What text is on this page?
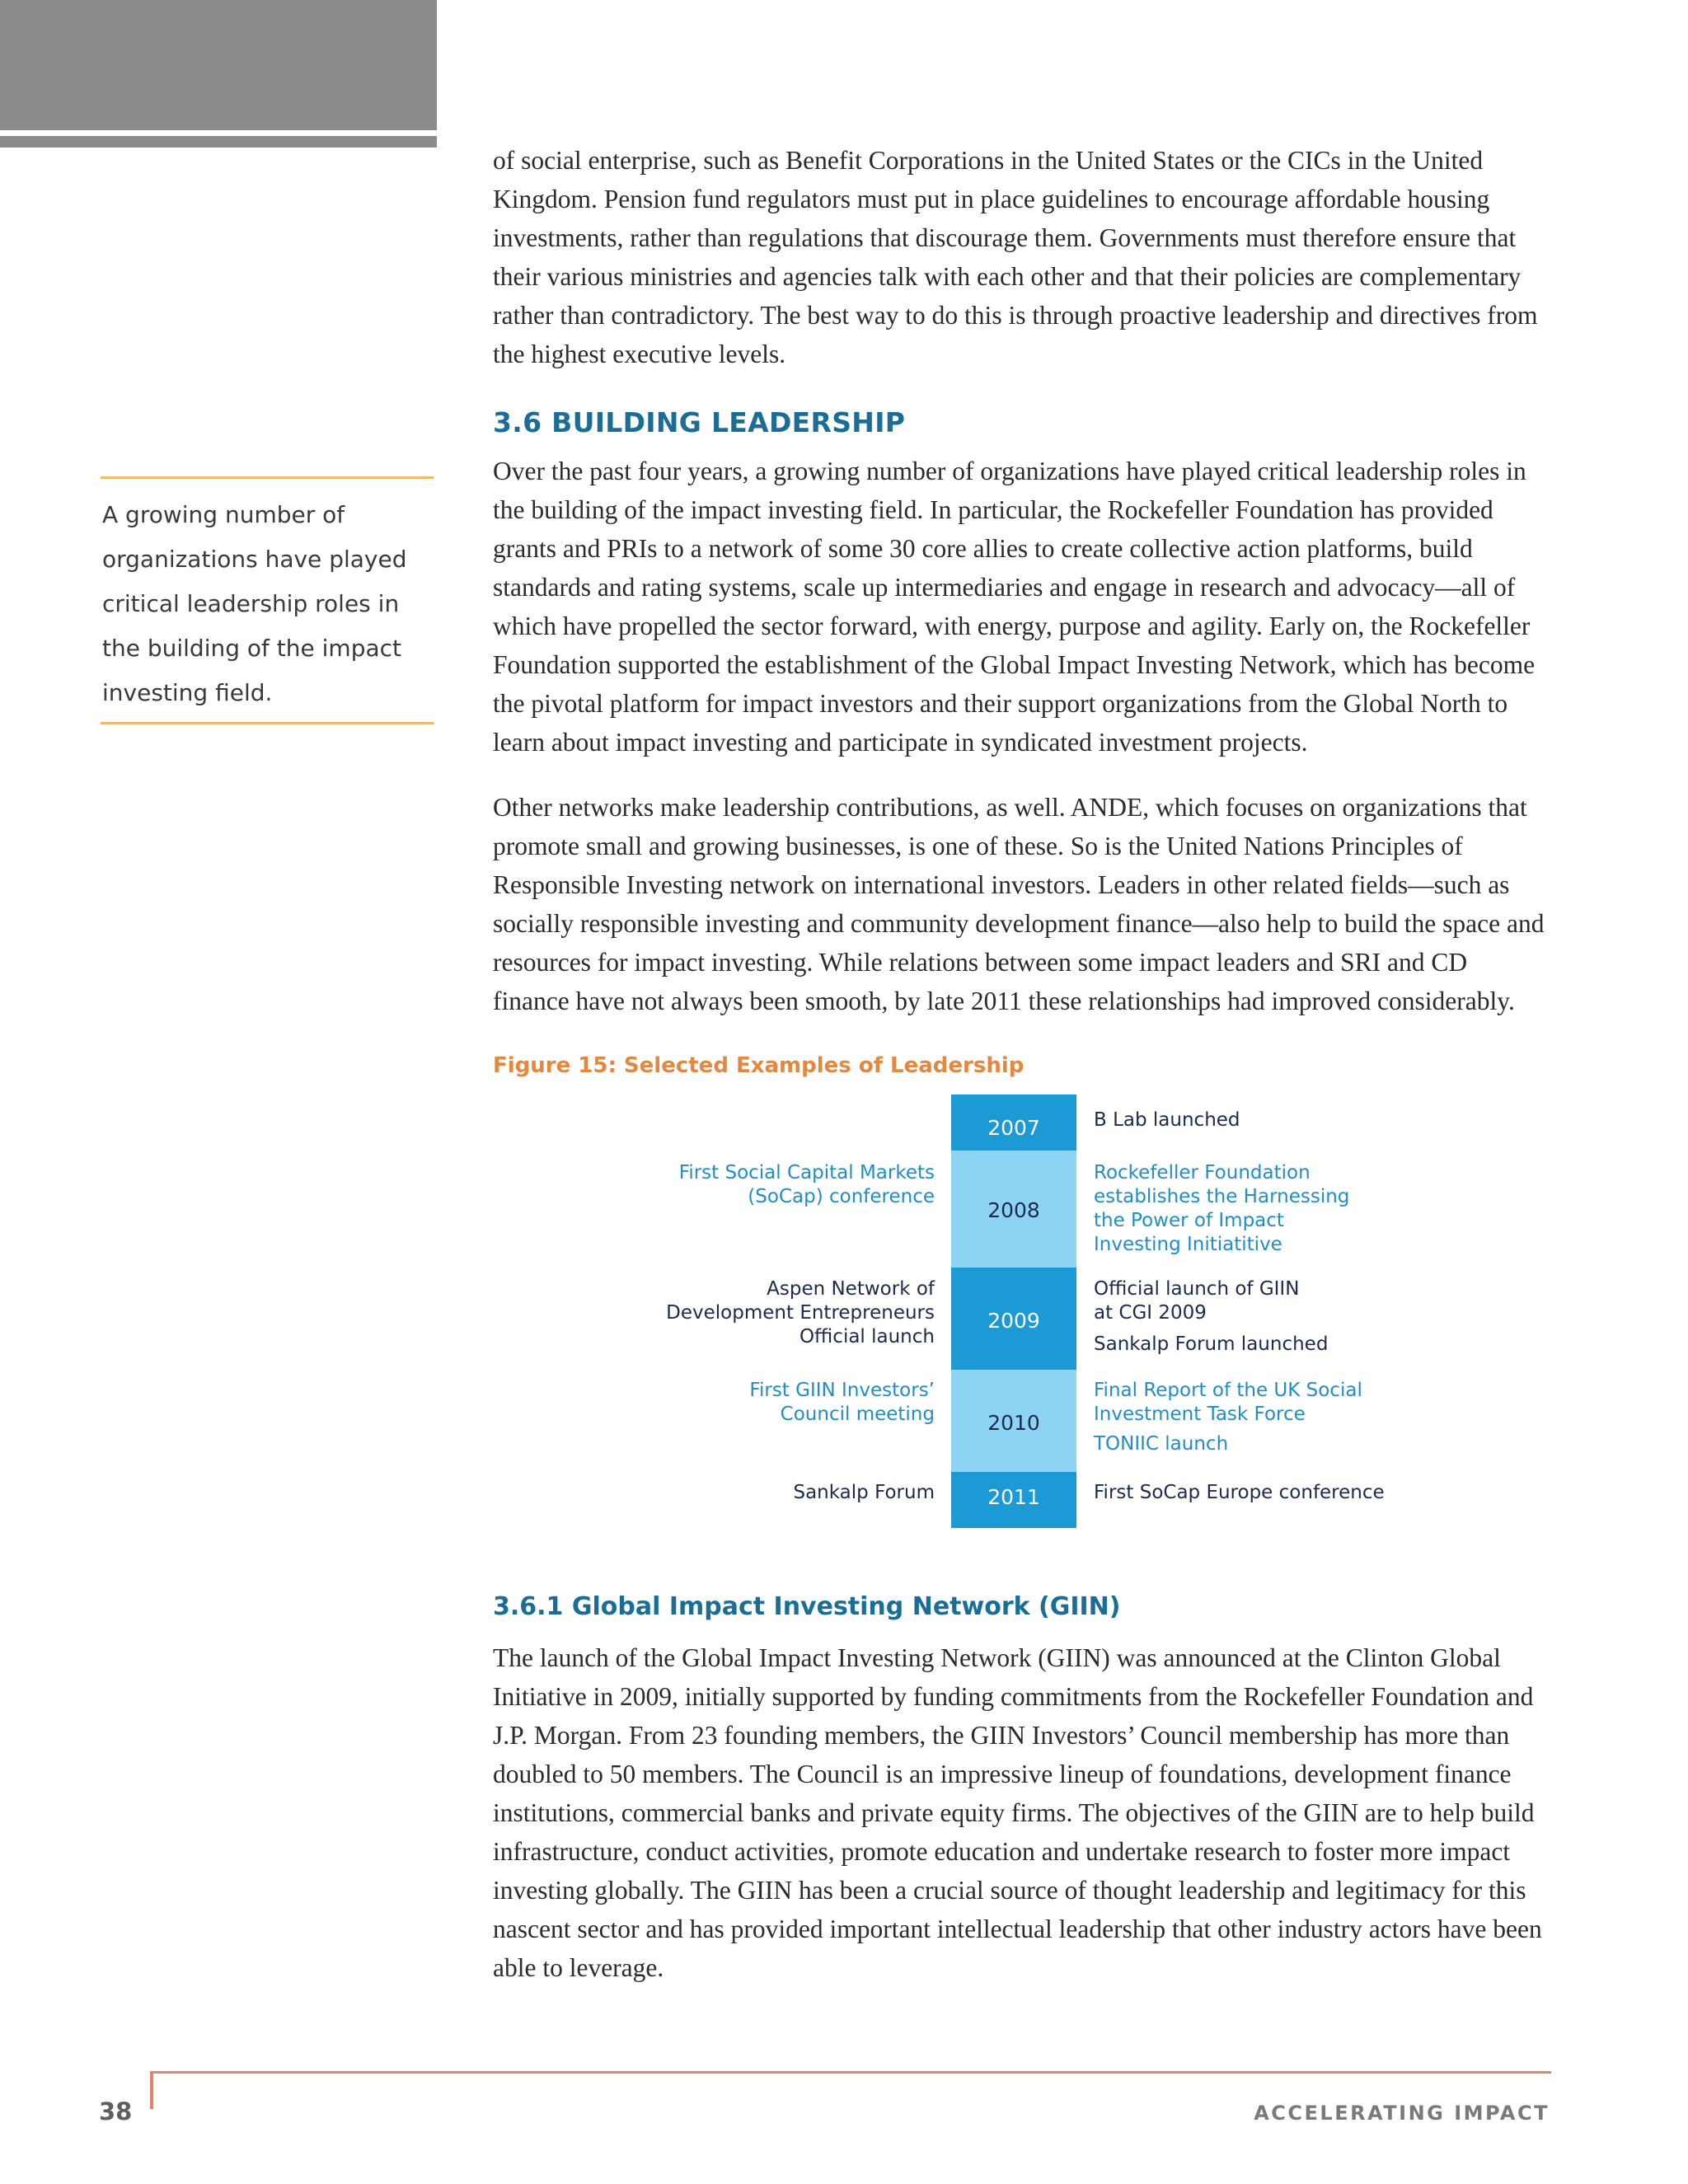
of social enterprise, such as Benefit Corporations in the United States or the CICs in the United Kingdom. Pension fund regulators must put in place guidelines to encourage affordable housing investments, rather than regulations that discourage them. Governments must therefore ensure that their various ministries and agencies talk with each other and that their policies are complementary rather than contradictory. The best way to do this is through proactive leadership and directives from the highest executive levels.

3.6 BUILDING LEADERSHIP

Over the past four years, a growing number of organizations have played critical leadership roles in the building of the impact investing field. In particular, the Rockefeller Foundation has provided grants and PRIs to a network of some 30 core allies to create collective action platforms, build standards and rating systems, scale up intermediaries and engage in research and advocacy—all of which have propelled the sector forward, with energy, purpose and agility. Early on, the Rockefeller Foundation supported the establishment of the Global Impact Investing Network, which has become the pivotal platform for impact investors and their support organizations from the Global North to learn about impact investing and participate in syndicated investment projects.

Other networks make leadership contributions, as well. ANDE, which focuses on organizations that promote small and growing businesses, is one of these. So is the United Nations Principles of Responsible Investing network on international investors. Leaders in other related fields—such as socially responsible investing and community development finance—also help to build the space and resources for impact investing. While relations between some impact leaders and SRI and CD finance have not always been smooth, by late 2011 these relationships had improved considerably.

A growing number of organizations have played critical leadership roles in the building of the impact investing field.

Figure 15: Selected Examples of Leadership

2007
2008
2009
2010
2011

B Lab launched

First Social Capital Markets
(SoCap) conference

Rockefeller Foundation
establishes the Harnessing
the Power of Impact
Investing Initiatitive

Aspen Network of
Development Entrepreneurs
Official launch

Official launch of GIIN
at CGI 2009

Sankalp Forum launched

First GIIN Investors’
Council meeting

Final Report of the UK Social
Investment Task Force

TONIIC launch

Sankalp Forum	First SoCap Europe conference

3.6.1 Global Impact Investing Network (GIIN)

The launch of the Global Impact Investing Network (GIIN) was announced at the Clinton Global Initiative in 2009, initially supported by funding commitments from the Rockefeller Foundation and J.P. Morgan. From 23 founding members, the GIIN Investors’ Council membership has more than doubled to 50 members. The Council is an impressive lineup of foundations, development finance institutions, commercial banks and private equity firms. The objectives of the GIIN are to help build infrastructure, conduct activities, promote education and undertake research to foster more impact investing globally. The GIIN has been a crucial source of thought leadership and legitimacy for this nascent sector and has provided important intellectual leadership that other industry actors have been able to leverage.

38	ACCELERATING IMPACT
